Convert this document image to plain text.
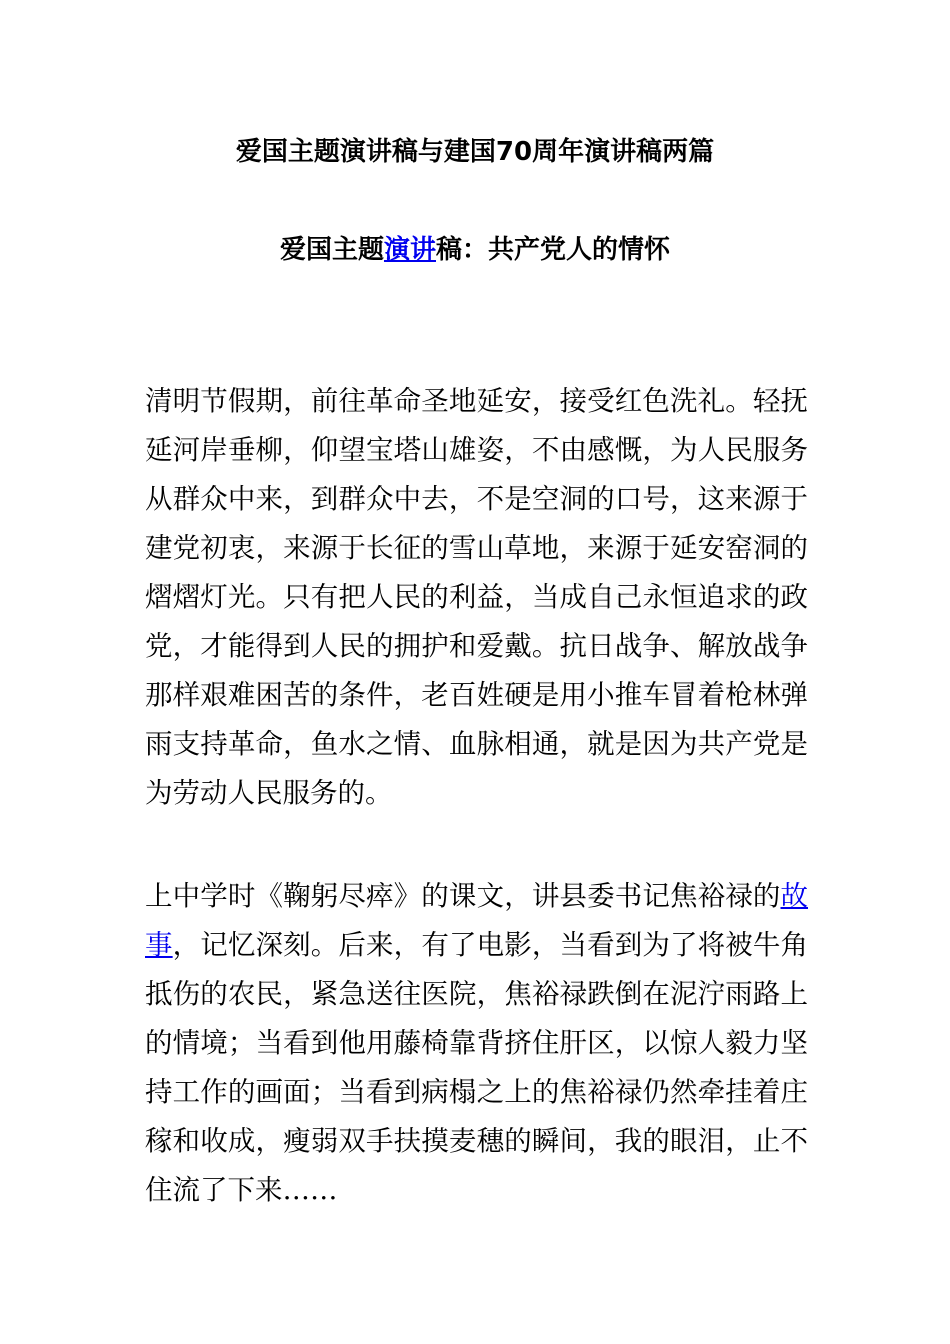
爱国主题演讲稿与建国70周年演讲稿两篇
爱国主题演讲稿：共产党人的情怀

清明节假期，前往革命圣地延安，接受红色洗礼。轻抚延河岸垂柳，仰望宝塔山雄姿，不由感慨，为人民服务从群众中来，到群众中去，不是空洞的口号，这来源于建党初衷，来源于长征的雪山草地，来源于延安窑洞的熠熠灯光。只有把人民的利益，当成自己永恒追求的政党，才能得到人民的拥护和爱戴。抗日战争、解放战争那样艰难困苦的条件，老百姓硬是用小推车冒着枪林弹雨支持革命，鱼水之情、血脉相通，就是因为共产党是为劳动人民服务的。

上中学时《鞠躬尽瘁》的课文，讲县委书记焦裕禄的故事，记忆深刻。后来，有了电影，当看到为了将被牛角抵伤的农民，紧急送往医院，焦裕禄跌倒在泥泞雨路上的情境；当看到他用藤椅靠背挤住肝区，以惊人毅力坚持工作的画面；当看到病榻之上的焦裕禄仍然牵挂着庄稼和收成，瘦弱双手扶摸麦穗的瞬间，我的眼泪，止不住流了下来……
